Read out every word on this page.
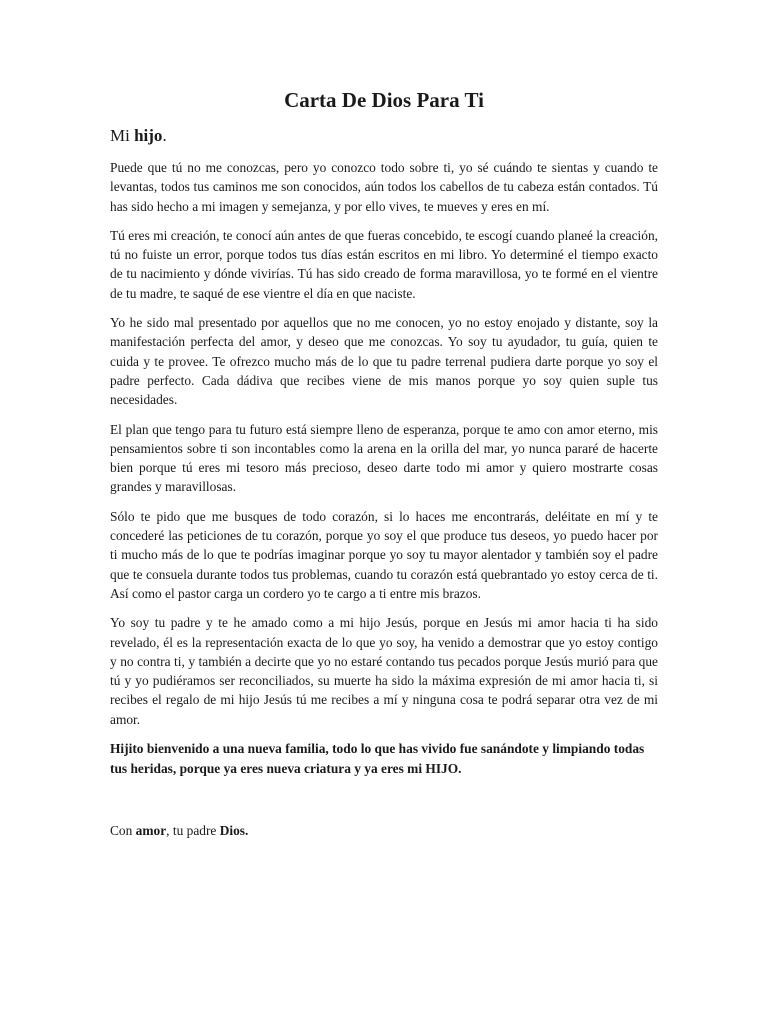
Carta De Dios Para Ti

Mi hijo.

Puede que tú no me conozcas, pero yo conozco todo sobre ti, yo sé cuándo te sientas y cuando te levantas, todos tus caminos me son conocidos, aún todos los cabellos de tu cabeza están contados. Tú has sido hecho a mi imagen y semejanza, y por ello vives, te mueves y eres en mí.

Tú eres mi creación, te conocí aún antes de que fueras concebido, te escogí cuando planeé la creación, tú no fuiste un error, porque todos tus días están escritos en mi libro. Yo determiné el tiempo exacto de tu nacimiento y dónde vivirías. Tú has sido creado de forma maravillosa, yo te formé en el vientre de tu madre, te saqué de ese vientre el día en que naciste.

Yo he sido mal presentado por aquellos que no me conocen, yo no estoy enojado y distante, soy la manifestación perfecta del amor, y deseo que me conozcas. Yo soy tu ayudador, tu guía, quien te cuida y te provee. Te ofrezco mucho más de lo que tu padre terrenal pudiera darte porque yo soy el padre perfecto. Cada dádiva que recibes viene de mis manos porque yo soy quien suple tus necesidades.

El plan que tengo para tu futuro está siempre lleno de esperanza, porque te amo con amor eterno, mis pensamientos sobre ti son incontables como la arena en la orilla del mar, yo nunca pararé de hacerte bien porque tú eres mi tesoro más precioso, deseo darte todo mi amor y quiero mostrarte cosas grandes y maravillosas.

Sólo te pido que me busques de todo corazón, si lo haces me encontrarás, deléitate en mí y te concederé las peticiones de tu corazón, porque yo soy el que produce tus deseos, yo puedo hacer por ti mucho más de lo que te podrías imaginar porque yo soy tu mayor alentador y también soy el padre que te consuela durante todos tus problemas, cuando tu corazón está quebrantado yo estoy cerca de ti. Así como el pastor carga un cordero yo te cargo a ti entre mis brazos.

Yo soy tu padre y te he amado como a mi hijo Jesús, porque en Jesús mi amor hacia ti ha sido revelado, él es la representación exacta de lo que yo soy, ha venido a demostrar que yo estoy contigo y no contra ti, y también a decirte que yo no estaré contando tus pecados porque Jesús murió para que tú y yo pudiéramos ser reconciliados, su muerte ha sido la máxima expresión de mi amor hacia ti, si recibes el regalo de mi hijo Jesús tú me recibes a mí y ninguna cosa te podrá separar otra vez de mi amor.

Hijito bienvenido a una nueva familia, todo lo que has vivido fue sanándote y limpiando todas tus heridas, porque ya eres nueva criatura y ya eres mi HIJO.

Con amor, tu padre Dios.
